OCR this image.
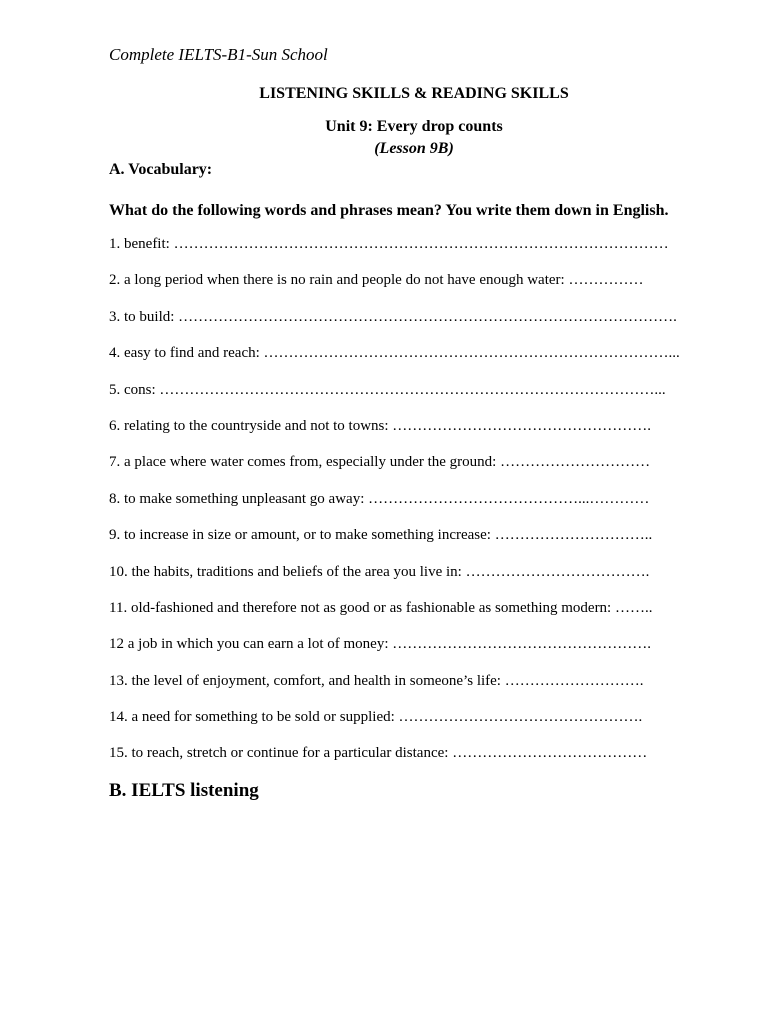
Complete IELTS-B1-Sun School
LISTENING SKILLS & READING SKILLS
Unit 9: Every drop counts
(Lesson 9B)
A. Vocabulary:
What do the following words and phrases mean? You write them down in English.
1. benefit: ………………………………………………………………………………………
2. a long period when there is no rain and people do not have enough water: ……………
3. to build: ……………………………………………………………………………………….
4. easy to find and reach: ………………………………………………………………………...
5. cons: ………………………………………………………………………………………...
6. relating to the countryside and not to towns: …………………………………………….
7. a place where water comes from, especially under the ground: …………………………
8. to make something unpleasant go away: ……………………………………...…………
9. to increase in size or amount, or to make something increase: …………………………..
10. the habits, traditions and beliefs of the area you live in: ……………………………….
11. old-fashioned and therefore not as good or as fashionable as something modern: ……..
12 a job in which you can earn a lot of money: …………………………………………….
13. the level of enjoyment, comfort, and health in someone’s life: ……………………….
14. a need for something to be sold or supplied: ………………………………………….
15. to reach, stretch or continue for a particular distance: …………………………………
B. IELTS listening
